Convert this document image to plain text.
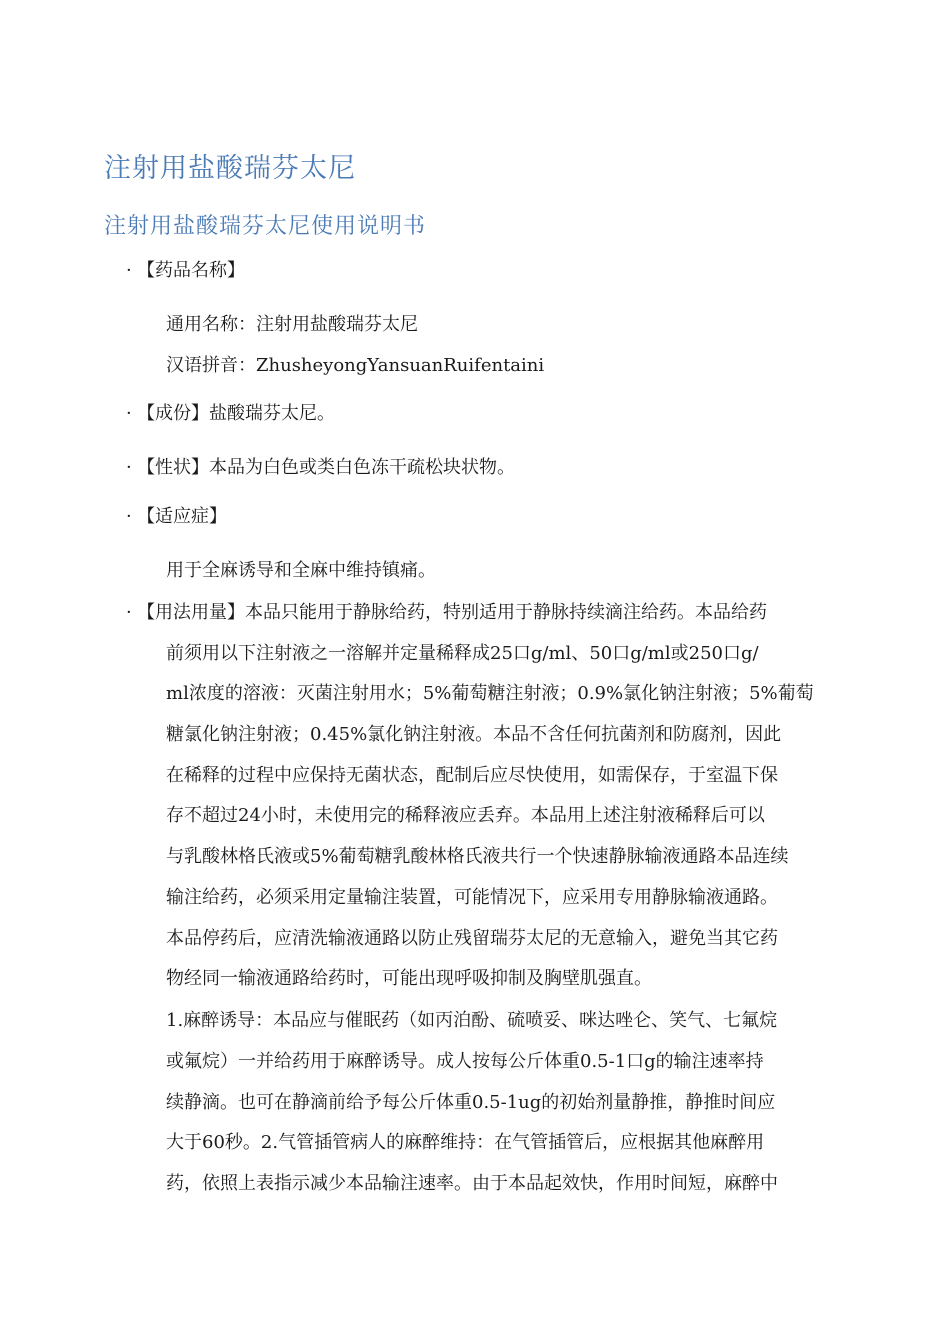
注射用盐酸瑞芬太尼
注射用盐酸瑞芬太尼使用说明书
· 【药品名称】
通用名称：注射用盐酸瑞芬太尼
汉语拼音：ZhusheyongYansuanRuifentaini
· 【成份】盐酸瑞芬太尼。
· 【性状】本品为白色或类白色冻干疏松块状物。
· 【适应症】
用于全麻诱导和全麻中维持镇痛。
· 【用法用量】本品只能用于静脉给药，特别适用于静脉持续滴注给药。本品给药
前须用以下注射液之一溶解并定量稀释成25口g/ml、50口g/ml或250口g/
ml浓度的溶液：灭菌注射用水；5%葡萄糖注射液；0.9%氯化钠注射液；5%葡萄
糖氯化钠注射液；0.45%氯化钠注射液。本品不含任何抗菌剂和防腐剂，因此
在稀释的过程中应保持无菌状态，配制后应尽快使用，如需保存，于室温下保
存不超过24小时，未使用完的稀释液应丢弃。本品用上述注射液稀释后可以
与乳酸林格氏液或5%葡萄糖乳酸林格氏液共行一个快速静脉输液通路本品连续
输注给药，必须采用定量输注装置，可能情况下，应采用专用静脉输液通路。
本品停药后，应清洗输液通路以防止残留瑞芬太尼的无意输入，避免当其它药
物经同一输液通路给药时，可能出现呼吸抑制及胸壁肌强直。
1.麻醉诱导：本品应与催眠药（如丙泊酚、硫喷妥、咪达唑仑、笑气、七氟烷
或氟烷）一并给药用于麻醉诱导。成人按每公斤体重0.5-1口g的输注速率持
续静滴。也可在静滴前给予每公斤体重0.5-1ug的初始剂量静推，静推时间应
大于60秒。2.气管插管病人的麻醉维持：在气管插管后，应根据其他麻醉用
药，依照上表指示减少本品输注速率。由于本品起效快，作用时间短，麻醉中
